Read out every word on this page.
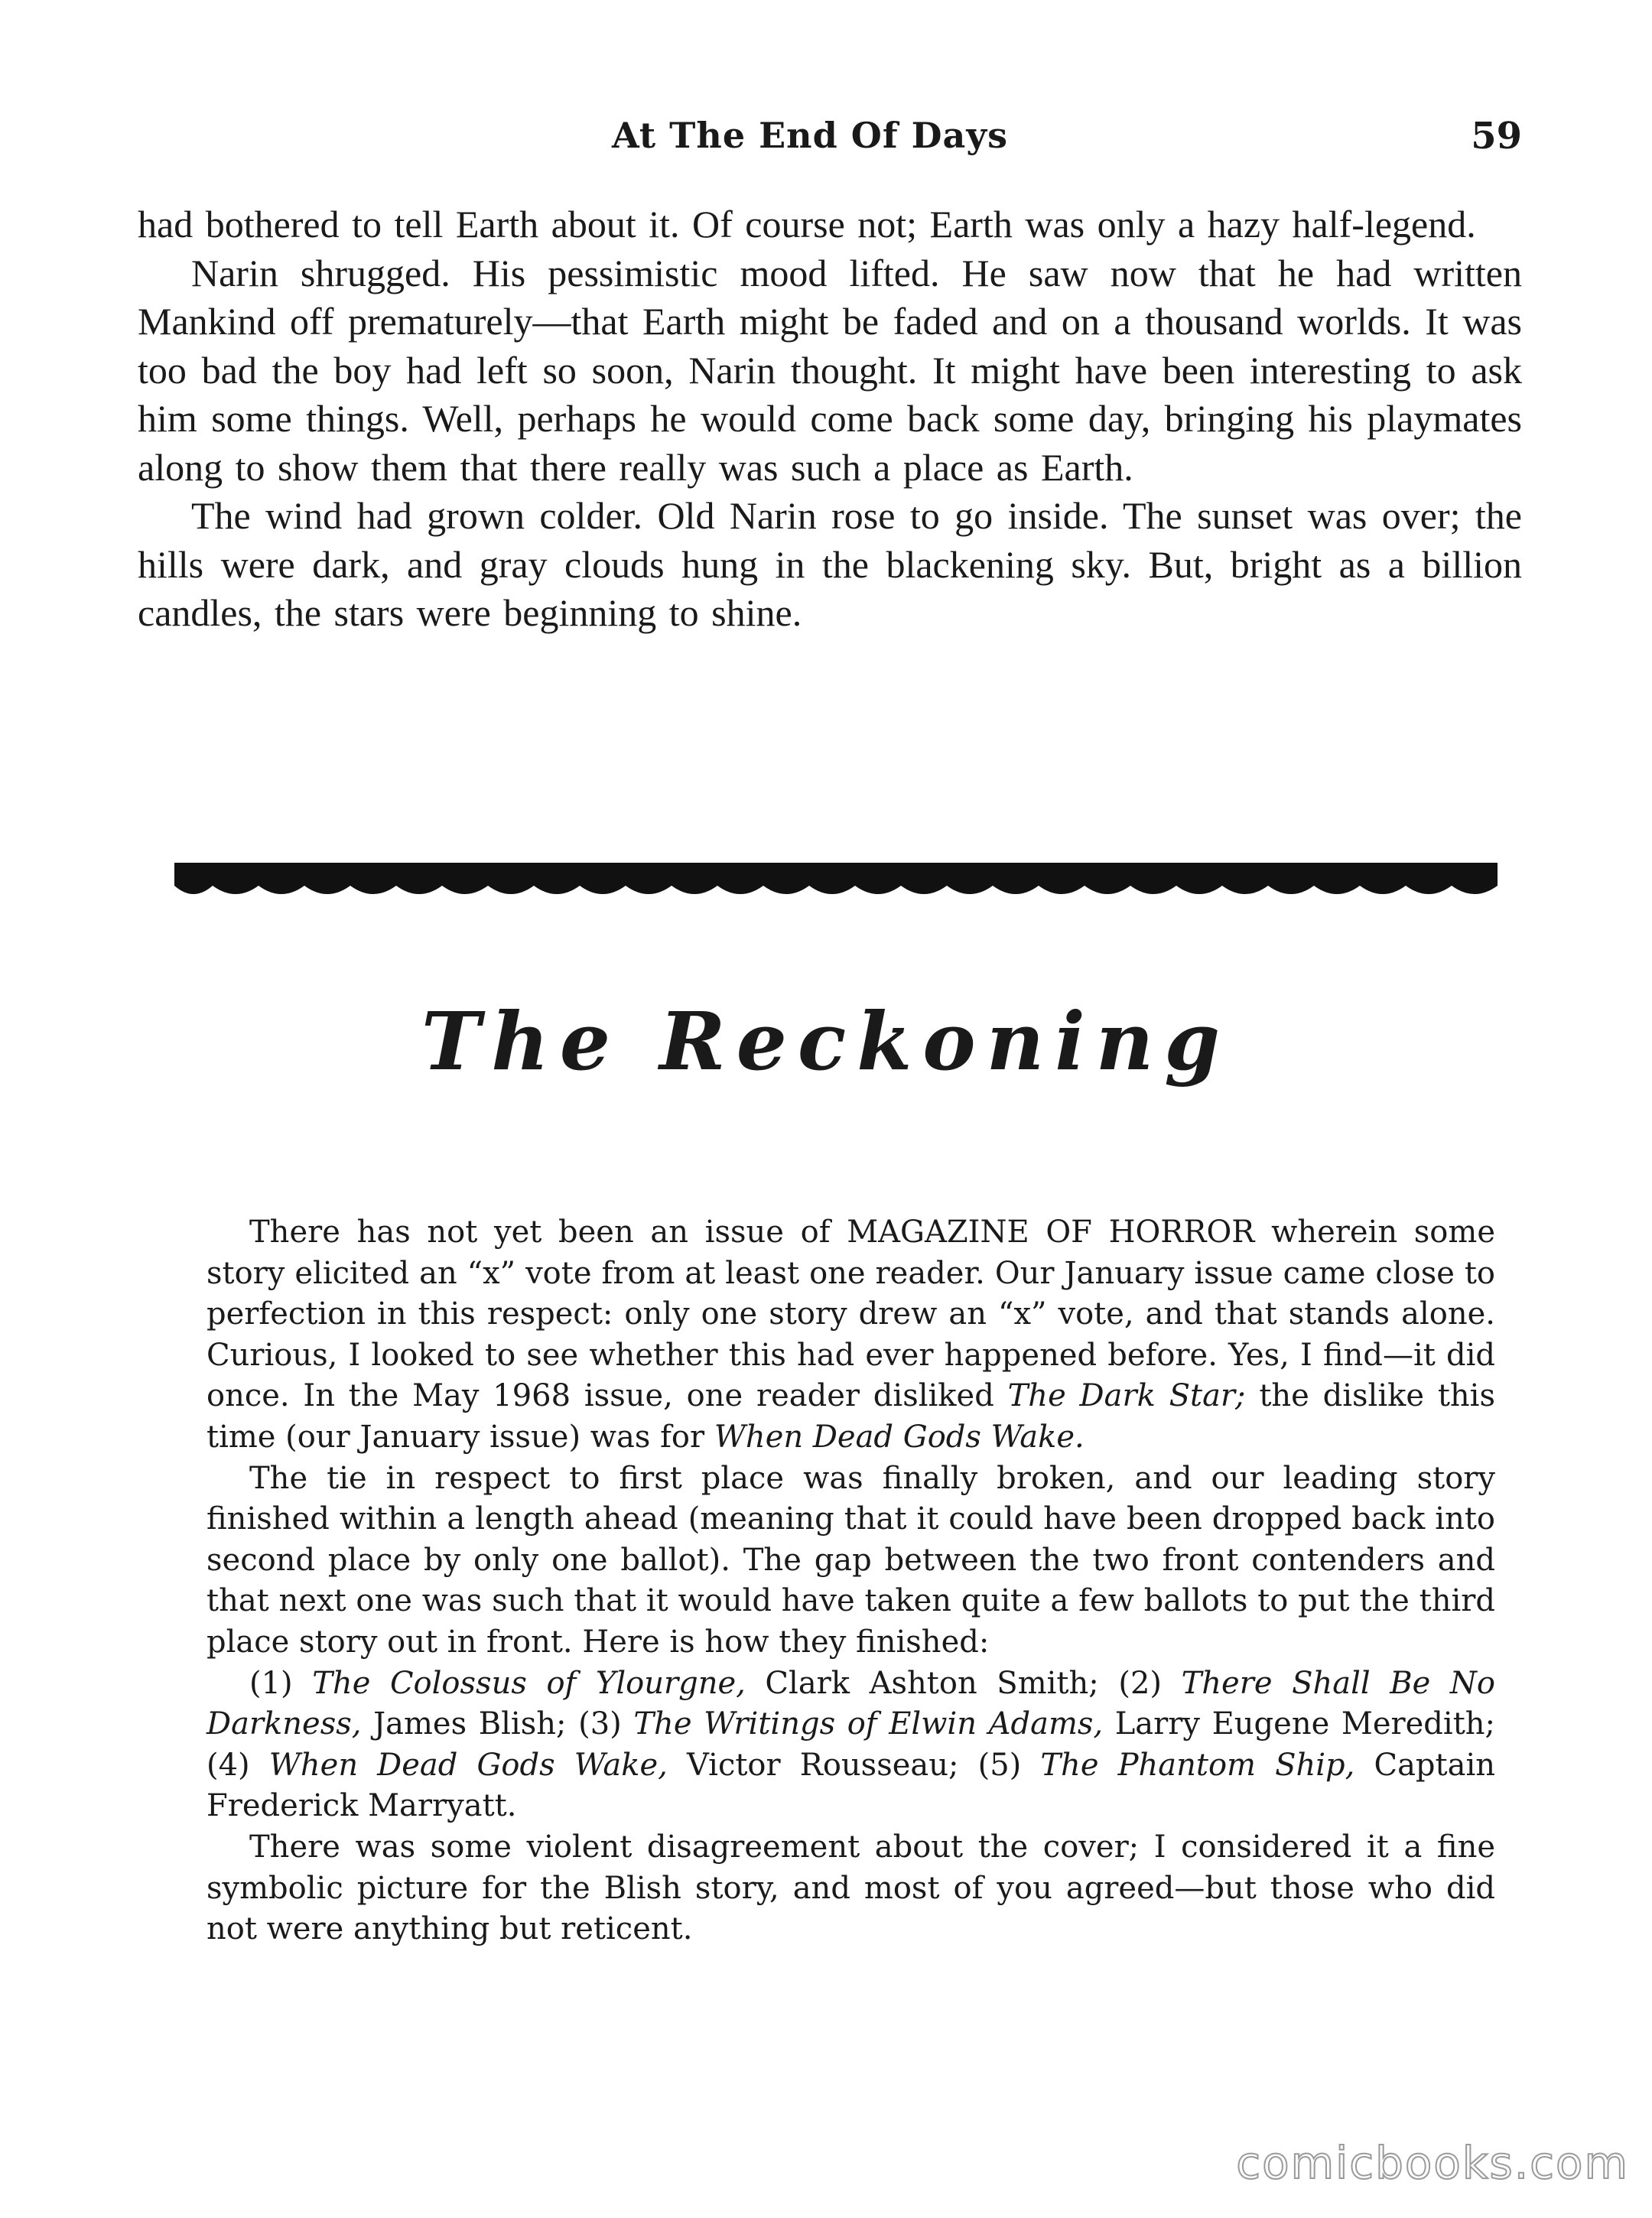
At The End Of Days	59

had bothered to tell Earth about it. Of course not; Earth was only a hazy half-legend.

Narin shrugged. His pessimistic mood lifted. He saw now that he had written Mankind off prematurely—that Earth might be faded and on a thousand worlds. It was too bad the boy had left so soon, Narin thought. It might have been interesting to ask him some things. Well, perhaps he would come back some day, bringing his playmates along to show them that there really was such a place as Earth.

The wind had grown colder. Old Narin rose to go inside. The sunset was over; the hills were dark, and gray clouds hung in the blackening sky. But, bright as a billion candles, the stars were beginning to shine.

The Reckoning

There has not yet been an issue of MAGAZINE OF HORROR wherein some story elicited an “x” vote from at least one reader. Our January issue came close to perfection in this respect: only one story drew an “x” vote, and that stands alone. Curious, I looked to see whether this had ever happened before. Yes, I find—it did once. In the May 1968 issue, one reader disliked The Dark Star; the dislike this time (our January issue) was for When Dead Gods Wake.

The tie in respect to first place was finally broken, and our leading story finished within a length ahead (meaning that it could have been dropped back into second place by only one ballot). The gap between the two front contenders and that next one was such that it would have taken quite a few ballots to put the third place story out in front. Here is how they finished:

(1) The Colossus of Ylourgne, Clark Ashton Smith; (2) There Shall Be No Darkness, James Blish; (3) The Writings of Elwin Adams, Larry Eugene Meredith; (4) When Dead Gods Wake, Victor Rousseau; (5) The Phantom Ship, Captain Frederick Marryatt.

There was some violent disagreement about the cover; I considered it a fine symbolic picture for the Blish story, and most of you agreed—but those who did not were anything but reticent.

comicbooks.com
